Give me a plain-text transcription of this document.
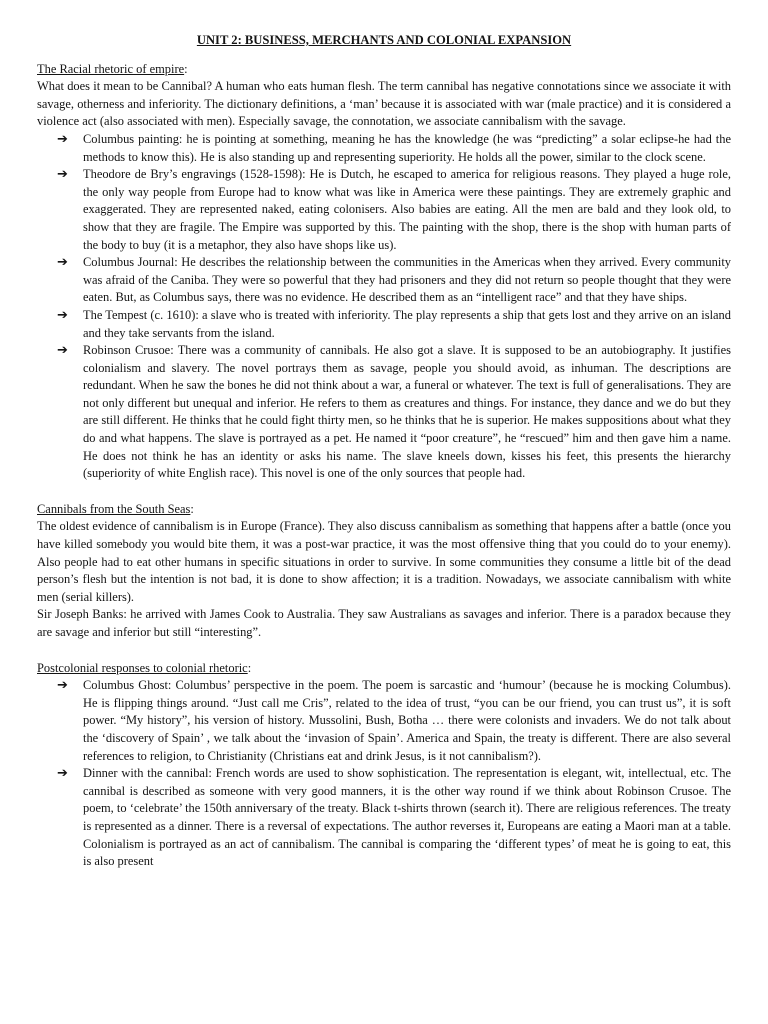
UNIT 2: BUSINESS, MERCHANTS AND COLONIAL EXPANSION

The Racial rhetoric of empire:

What does it mean to be Cannibal? A human who eats human flesh. The term cannibal has negative connotations since we associate it with savage, otherness and inferiority. The dictionary definitions, a ‘man’ because it is associated with war (male practice) and it is considered a violence act (also associated with men). Especially savage, the connotation, we associate cannibalism with the savage.

➔ Columbus painting: he is pointing at something, meaning he has the knowledge (he was “predicting” a solar eclipse-he had the methods to know this). He is also standing up and representing superiority. He holds all the power, similar to the clock scene.
➔ Theodore de Bry’s engravings (1528-1598): He is Dutch, he escaped to america for religious reasons. They played a huge role, the only way people from Europe had to know what was like in America were these paintings. They are extremely graphic and exaggerated. They are represented naked, eating colonisers. Also babies are eating. All the men are bald and they look old, to show that they are fragile. The Empire was supported by this. The painting with the shop, there is the shop with human parts of the body to buy (it is a metaphor, they also have shops like us).
➔ Columbus Journal: He describes the relationship between the communities in the Americas when they arrived. Every community was afraid of the Caniba. They were so powerful that they had prisoners and they did not return so people thought that they were eaten. But, as Columbus says, there was no evidence. He described them as an “intelligent race” and that they have ships.
➔ The Tempest (c. 1610): a slave who is treated with inferiority. The play represents a ship that gets lost and they arrive on an island and they take servants from the island.
➔ Robinson Crusoe: There was a community of cannibals. He also got a slave. It is supposed to be an autobiography. It justifies colonialism and slavery. The novel portrays them as savage, people you should avoid, as inhuman. The descriptions are redundant. When he saw the bones he did not think about a war, a funeral or whatever. The text is full of generalisations. They are not only different but unequal and inferior. He refers to them as creatures and things. For instance, they dance and we do but they are still different. He thinks that he could fight thirty men, so he thinks that he is superior. He makes suppositions about what they do and what happens. The slave is portrayed as a pet. He named it “poor creature”, he “rescued” him and then gave him a name. He does not think he has an identity or asks his name. The slave kneels down, kisses his feet, this presents the hierarchy (superiority of white English race). This novel is one of the only sources that people had.

Cannibals from the South Seas:

The oldest evidence of cannibalism is in Europe (France). They also discuss cannibalism as something that happens after a battle (once you have killed somebody you would bite them, it was a post-war practice, it was the most offensive thing that you could do to your enemy). Also people had to eat other humans in specific situations in order to survive. In some communities they consume a little bit of the dead person’s flesh but the intention is not bad, it is done to show affection; it is a tradition. Nowadays, we associate cannibalism with white men (serial killers).

Sir Joseph Banks: he arrived with James Cook to Australia. They saw Australians as savages and inferior. There is a paradox because they are savage and inferior but still “interesting”.

Postcolonial responses to colonial rhetoric:

➔ Columbus Ghost: Columbus’ perspective in the poem. The poem is sarcastic and ‘humour’ (because he is mocking Columbus). He is flipping things around. “Just call me Cris”, related to the idea of trust, “you can be our friend, you can trust us”, it is soft power. “My history”, his version of history. Mussolini, Bush, Botha … there were colonists and invaders. We do not talk about the ‘discovery of Spain’ , we talk about the ‘invasion of Spain’. America and Spain, the treaty is different. There are also several references to religion, to Christianity (Christians eat and drink Jesus, is it not cannibalism?).
➔ Dinner with the cannibal: French words are used to show sophistication. The representation is elegant, wit, intellectual, etc. The cannibal is described as someone with very good manners, it is the other way round if we think about Robinson Crusoe. The poem, to ‘celebrate’ the 150th anniversary of the treaty. Black t-shirts thrown (search it). There are religious references. The treaty is represented as a dinner. There is a reversal of expectations. The author reverses it, Europeans are eating a Maori man at a table. Colonialism is portrayed as an act of cannibalism. The cannibal is comparing the ‘different types’ of meat he is going to eat, this is also present
